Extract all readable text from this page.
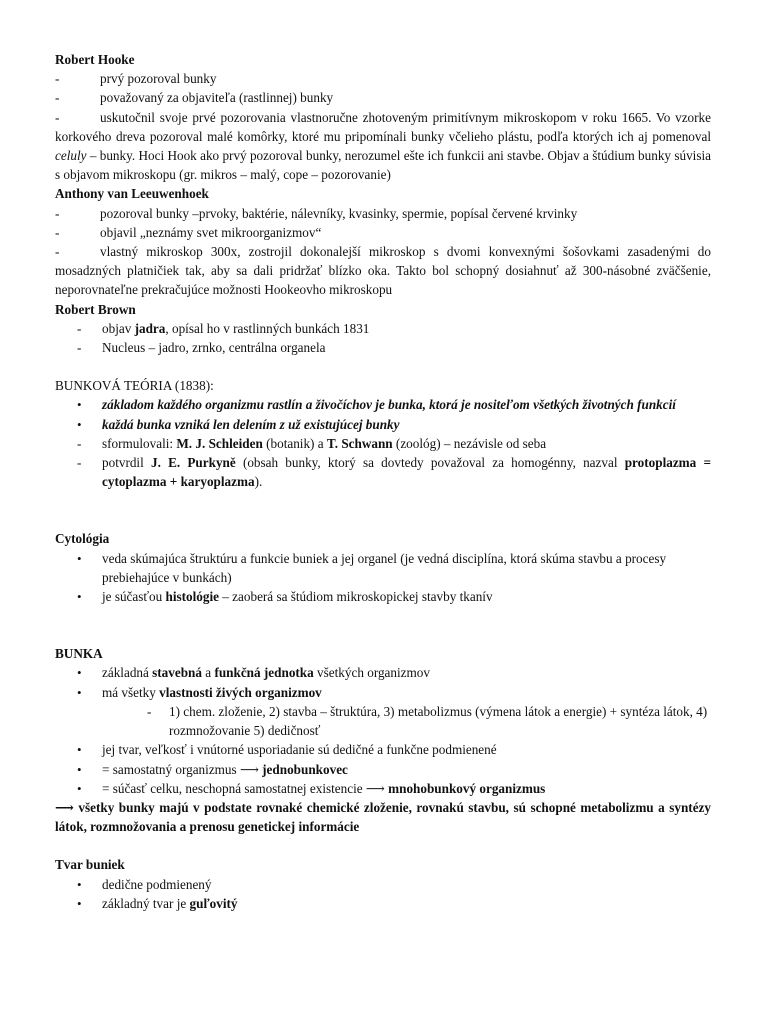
Robert Hooke

-	prvý pozoroval bunky
-	považovaný za objaviteľa (rastlinnej) bunky

-	uskutočnil svoje prvé pozorovania vlastnoručne zhotoveným primitívnym mikroskopom v roku 1665. Vo vzorke korkového dreva pozoroval malé komôrky, ktoré mu pripomínali bunky včelieho plástu, podľa ktorých ich aj pomenoval celuly – bunky. Hoci Hook ako prvý pozoroval bunky, nerozumel ešte ich funkcii ani stavbe. Objav a štúdium bunky súvisia s objavom mikroskopu (gr. mikros – malý, cope – pozorovanie)

Anthony van Leeuwenhoek

-	pozoroval bunky –prvoky, baktérie, nálevníky, kvasinky, spermie, popísal červené krvinky
-	objavil „neznámy svet mikroorganizmov“

-	vlastný mikroskop 300x, zostrojil dokonalejší mikroskop s dvomi konvexnými šošovkami zasadenými do mosadzných platničiek tak, aby sa dali pridržať blízko oka. Takto bol schopný dosiahnuť až 300-násobné zväčšenie, neporovnateľne prekračujúce možnosti Hookeovho mikroskopu

Robert Brown

-	objav jadra, opísal ho v rastlinných bunkách 1831
-	Nucleus – jadro, zrnko, centrálna organela

BUNKOVÁ TEÓRIA (1838):

•	základom každého organizmu rastlín a živočíchov je bunka, ktorá je nositeľom všetkých životných funkcií
•	každá bunka vzniká len delením z už existujúcej bunky
-	sformulovali: M. J. Schleiden (botanik) a T. Schwann (zoológ) – nezávisle od seba
-	potvrdil J. E. Purkyně (obsah bunky, ktorý sa dovtedy považoval za homogénny, nazval protoplazma = cytoplazma + karyoplazma).

Cytológia

•	veda skúmajúca štruktúru a funkcie buniek a jej organel (je vedná disciplína, ktorá skúma stavbu a procesy prebiehajúce v bunkách)
•	je súčasťou histológie – zaoberá sa štúdiom mikroskopickej stavby tkanív

BUNKA

•	základná stavebná a funkčná jednotka všetkých organizmov
•	má všetky vlastnosti živých organizmov
-	1) chem. zloženie, 2) stavba – štruktúra, 3) metabolizmus (výmena látok a energie) + syntéza látok, 4) rozmnožovanie 5) dedičnosť
•	jej tvar, veľkosť i vnútorné usporiadanie sú dedičné a funkčne podmienené
•	= samostatný organizmus ⟶ jednobunkovec
•	= súčasť celku, neschopná samostatnej existencie ⟶ mnohobunkový organizmus

⟶ všetky bunky majú v podstate rovnaké chemické zloženie, rovnakú stavbu, sú schopné metabolizmu a syntézy látok, rozmnožovania a prenosu genetickej informácie

Tvar buniek

•	dedične podmienený
•	základný tvar je guľovitý
